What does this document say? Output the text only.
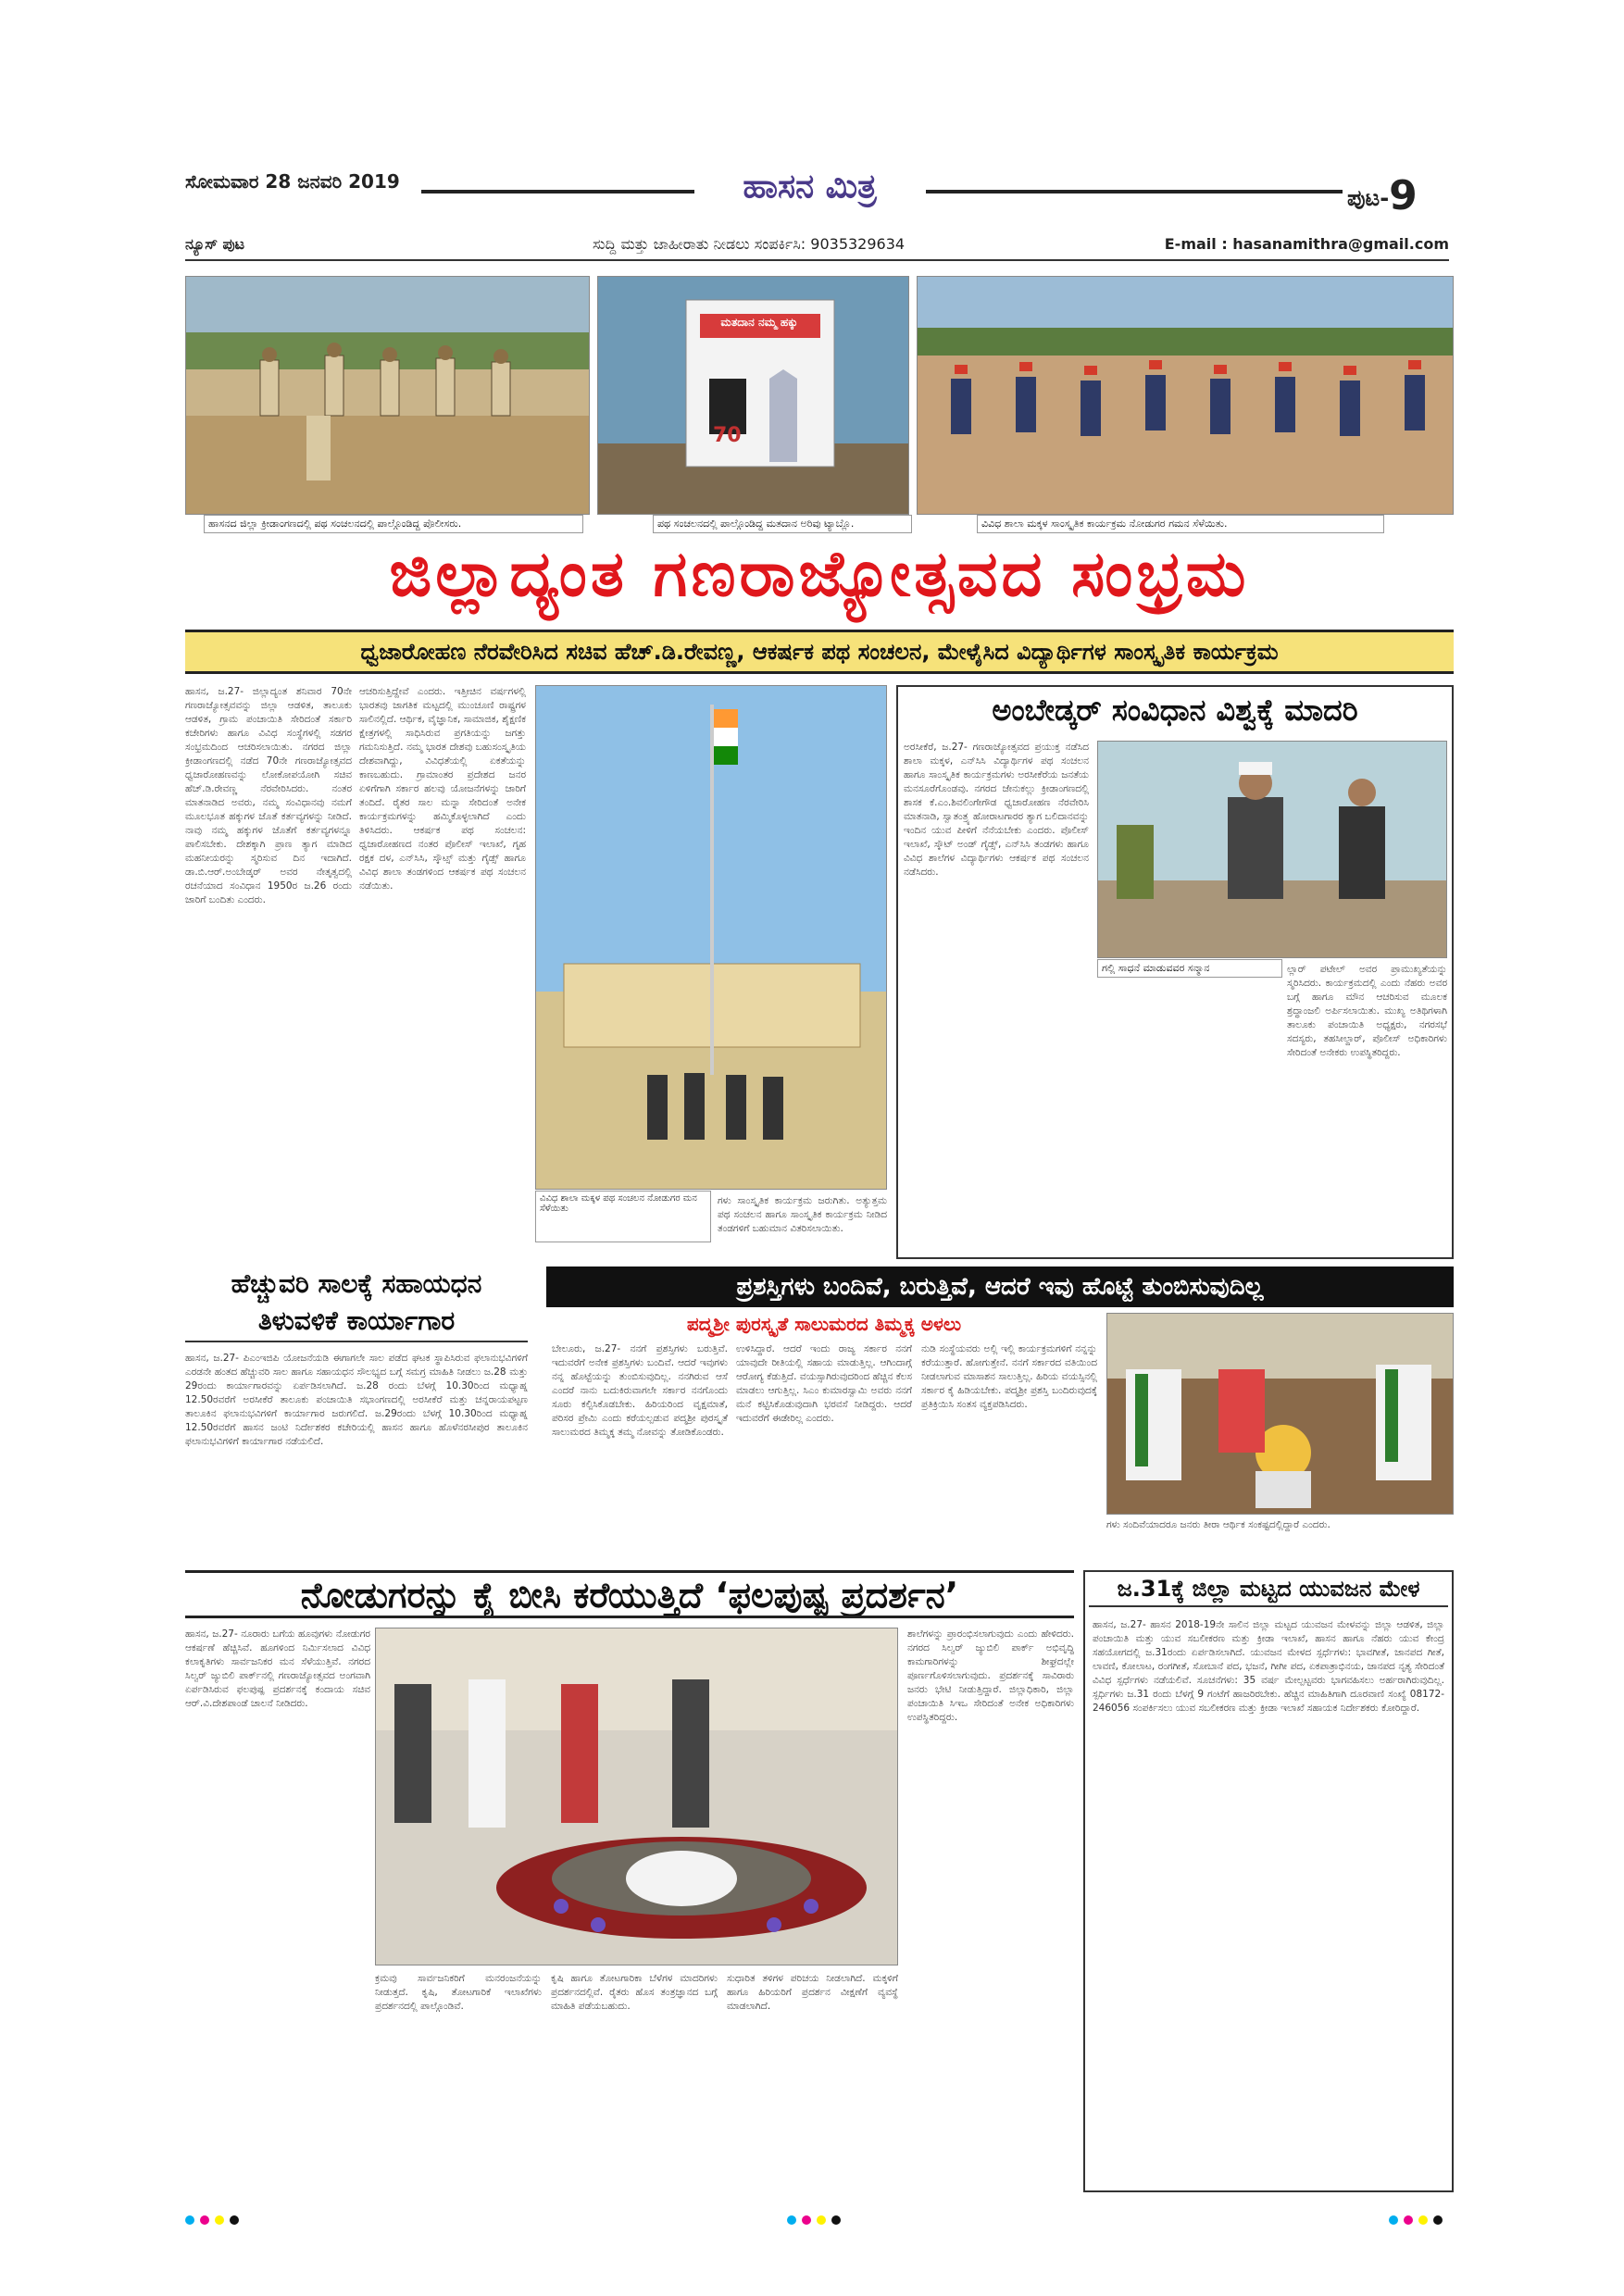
ಸೋಮವಾರ 28 ಜನವರಿ 2019	ಹಾಸನ ಮಿತ್ರ	ಪುಟ-9
ನ್ಯೂಸ್ ಪುಟ	ಸುದ್ದಿ ಮತ್ತು ಜಾಹೀರಾತು ನೀಡಲು ಸಂಪರ್ಕಿಸಿ: 9035329634	E-mail : hasanamithra@gmail.com
ಹಾಸನದ ಜಿಲ್ಲಾ ಕ್ರೀಡಾಂಗಣದಲ್ಲಿ ಪಥ ಸಂಚಲನದಲ್ಲಿ ಪಾಲ್ಗೊಂಡಿದ್ದ ಪೊಲೀಸರು.
ಮತದಾನ ನಮ್ಮ ಹಕ್ಕು
70
ಪಥ ಸಂಚಲನದಲ್ಲಿ ಪಾಲ್ಗೊಂಡಿದ್ದ ಮತದಾನ ಅರಿವು ಟ್ಯಾಬ್ಲೊ.	ವಿವಿಧ ಶಾಲಾ ಮಕ್ಕಳ ಸಾಂಸ್ಕೃತಿಕ ಕಾರ್ಯಕ್ರಮ ನೋಡುಗರ ಗಮನ ಸೆಳೆಯಿತು.
ಜಿಲ್ಲಾದ್ಯಂತ ಗಣರಾಜ್ಯೋತ್ಸವದ ಸಂಭ್ರಮ
ಧ್ವಜಾರೋಹಣ ನೆರವೇರಿಸಿದ ಸಚಿವ ಹೆಚ್.ಡಿ.ರೇವಣ್ಣ, ಆಕರ್ಷಕ ಪಥ ಸಂಚಲನ, ಮೇಳೈಸಿದ ವಿದ್ಯಾರ್ಥಿಗಳ ಸಾಂಸ್ಕೃತಿಕ ಕಾರ್ಯಕ್ರಮ
ಹಾಸನ, ಜ.27- ಜಿಲ್ಲಾದ್ಯಂತ ಶನಿವಾರ 70ನೇ ಗಣರಾಜ್ಯೋತ್ಸವವನ್ನು ಜಿಲ್ಲಾ ಆಡಳಿತ, ತಾಲೂಕು ಆಡಳಿತ, ಗ್ರಾಮ ಪಂಚಾಯಿತಿ ಸೇರಿದಂತೆ ಸರ್ಕಾರಿ ಕಚೇರಿಗಳು ಹಾಗೂ ವಿವಿಧ ಸಂಸ್ಥೆಗಳಲ್ಲಿ ಸಡಗರ ಸಂಭ್ರಮದಿಂದ ಆಚರಿಸಲಾಯಿತು. ನಗರದ ಜಿಲ್ಲಾ ಕ್ರೀಡಾಂಗಣದಲ್ಲಿ ನಡೆದ 70ನೇ ಗಣರಾಜ್ಯೋತ್ಸವದ ಧ್ವಜಾರೋಹಣವನ್ನು ಲೋಕೋಪಯೋಗಿ ಸಚಿವ ಹೆಚ್.ಡಿ.ರೇವಣ್ಣ ನೆರವೇರಿಸಿದರು. ನಂತರ ಮಾತನಾಡಿದ ಅವರು, ನಮ್ಮ ಸಂವಿಧಾನವು ನಮಗೆ ಮೂಲಭೂತ ಹಕ್ಕುಗಳ ಜೊತೆ ಕರ್ತವ್ಯಗಳನ್ನು ನೀಡಿದೆ. ನಾವು ನಮ್ಮ ಹಕ್ಕುಗಳ ಜೊತೆಗೆ ಕರ್ತವ್ಯಗಳನ್ನೂ ಪಾಲಿಸಬೇಕು. ದೇಶಕ್ಕಾಗಿ ಪ್ರಾಣ ತ್ಯಾಗ ಮಾಡಿದ ಮಹನೀಯರನ್ನು ಸ್ಮರಿಸುವ ದಿನ ಇದಾಗಿದೆ. ಡಾ.ಬಿ.ಆರ್.ಅಂಬೇಡ್ಕರ್ ಅವರ ನೇತೃತ್ವದಲ್ಲಿ ರಚನೆಯಾದ ಸಂವಿಧಾನ 1950ರ ಜ.26 ರಂದು ಜಾರಿಗೆ ಬಂದಿತು ಎಂದರು.
ಆಚರಿಸುತ್ತಿದ್ದೇವೆ ಎಂದರು. ಇತ್ತೀಚಿನ ವರ್ಷಗಳಲ್ಲಿ ಭಾರತವು ಜಾಗತಿಕ ಮಟ್ಟದಲ್ಲಿ ಮುಂಚೂಣಿ ರಾಷ್ಟ್ರಗಳ ಸಾಲಿನಲ್ಲಿದೆ. ಆರ್ಥಿಕ, ವೈಜ್ಞಾನಿಕ, ಸಾಮಾಜಿಕ, ಶೈಕ್ಷಣಿಕ ಕ್ಷೇತ್ರಗಳಲ್ಲಿ ಸಾಧಿಸಿರುವ ಪ್ರಗತಿಯನ್ನು ಜಗತ್ತು ಗಮನಿಸುತ್ತಿದೆ. ನಮ್ಮ ಭಾರತ ದೇಶವು ಬಹುಸಂಸ್ಕೃತಿಯ ದೇಶವಾಗಿದ್ದು, ವಿವಿಧತೆಯಲ್ಲಿ ಏಕತೆಯನ್ನು ಕಾಣಬಹುದು. ಗ್ರಾಮಾಂತರ ಪ್ರದೇಶದ ಜನರ ಏಳಿಗೆಗಾಗಿ ಸರ್ಕಾರ ಹಲವು ಯೋಜನೆಗಳನ್ನು ಜಾರಿಗೆ ತಂದಿದೆ. ರೈತರ ಸಾಲ ಮನ್ನಾ ಸೇರಿದಂತೆ ಅನೇಕ ಕಾರ್ಯಕ್ರಮಗಳನ್ನು ಹಮ್ಮಿಕೊಳ್ಳಲಾಗಿದೆ ಎಂದು ತಿಳಿಸಿದರು. ಆಕರ್ಷಕ ಪಥ ಸಂಚಲನ: ಧ್ವಜಾರೋಹಣದ ನಂತರ ಪೊಲೀಸ್ ಇಲಾಖೆ, ಗೃಹ ರಕ್ಷಕ ದಳ, ಎನ್‌ಸಿಸಿ, ಸ್ಕೌಟ್ಸ್ ಮತ್ತು ಗೈಡ್ಸ್ ಹಾಗೂ ವಿವಿಧ ಶಾಲಾ ತಂಡಗಳಿಂದ ಆಕರ್ಷಕ ಪಥ ಸಂಚಲನ ನಡೆಯಿತು.
ವಿವಿಧ ಶಾಲಾ ಮಕ್ಕಳ ಪಥ ಸಂಚಲನ ನೋಡುಗರ ಮನ ಸೆಳೆಯಿತು
ಗಳು ಸಾಂಸ್ಕೃತಿಕ ಕಾರ್ಯಕ್ರಮ ಜರುಗಿತು. ಅತ್ಯುತ್ತಮ ಪಥ ಸಂಚಲನ ಹಾಗೂ ಸಾಂಸ್ಕೃತಿಕ ಕಾರ್ಯಕ್ರಮ ನೀಡಿದ ತಂಡಗಳಿಗೆ ಬಹುಮಾನ ವಿತರಿಸಲಾಯಿತು.
ಅಂಬೇಡ್ಕರ್ ಸಂವಿಧಾನ ವಿಶ್ವಕ್ಕೆ ಮಾದರಿ
ಅರಸೀಕೆರೆ, ಜ.27- ಗಣರಾಜ್ಯೋತ್ಸವದ ಪ್ರಯುಕ್ತ ನಡೆಸಿದ ಶಾಲಾ ಮಕ್ಕಳ, ಎನ್‌ಸಿಸಿ ವಿದ್ಯಾರ್ಥಿಗಳ ಪಥ ಸಂಚಲನ ಹಾಗೂ ಸಾಂಸ್ಕೃತಿಕ ಕಾರ್ಯಕ್ರಮಗಳು ಅರಸೀಕೆರೆಯ ಜನತೆಯ ಮನಸೂರೆಗೊಂಡವು. ನಗರದ ಜೇನುಕಲ್ಲು ಕ್ರೀಡಾಂಗಣದಲ್ಲಿ ಶಾಸಕ ಕೆ.ಎಂ.ಶಿವಲಿಂಗೇಗೌಡ ಧ್ವಜಾರೋಹಣ ನೆರವೇರಿಸಿ ಮಾತನಾಡಿ, ಸ್ವಾತಂತ್ರ್ಯ ಹೋರಾಟಗಾರರ ತ್ಯಾಗ ಬಲಿದಾನವನ್ನು ಇಂದಿನ ಯುವ ಪೀಳಿಗೆ ನೆನೆಯಬೇಕು ಎಂದರು. ಪೊಲೀಸ್ ಇಲಾಖೆ, ಸ್ಕೌಟ್ ಅಂಡ್ ಗೈಡ್ಸ್, ಎನ್‌ಸಿಸಿ ತಂಡಗಳು ಹಾಗೂ ವಿವಿಧ ಶಾಲೆಗಳ ವಿದ್ಯಾರ್ಥಿಗಳು ಆಕರ್ಷಕ ಪಥ ಸಂಚಲನ ನಡೆಸಿದರು.
ಗಲ್ಲಿ ಸಾಧನೆ ಮಾಡುವವರ ಸನ್ಮಾನ	ಲ್ಲಾರ್ ಪಟೇಲ್ ಅವರ ಪ್ರಾಮುಖ್ಯತೆಯನ್ನು ಸ್ಮರಿಸಿದರು. ಕಾರ್ಯಕ್ರಮದಲ್ಲಿ ಎಂದು ನೆಹರು ಅವರ ಬಗ್ಗೆ ಹಾಗೂ ಮೌನ ಆಚರಿಸುವ ಮೂಲಕ ಶ್ರದ್ಧಾಂಜಲಿ ಅರ್ಪಿಸಲಾಯಿತು. ಮುಖ್ಯ ಅತಿಥಿಗಳಾಗಿ ತಾಲೂಕು ಪಂಚಾಯಿತಿ ಅಧ್ಯಕ್ಷರು, ನಗರಸಭೆ ಸದಸ್ಯರು, ತಹಸೀಲ್ದಾರ್, ಪೊಲೀಸ್ ಅಧಿಕಾರಿಗಳು ಸೇರಿದಂತೆ ಅನೇಕರು ಉಪಸ್ಥಿತರಿದ್ದರು.
ಹೆಚ್ಚುವರಿ ಸಾಲಕ್ಕೆ ಸಹಾಯಧನ
ತಿಳುವಳಿಕೆ ಕಾರ್ಯಾಗಾರ
ಹಾಸನ, ಜ.27- ಪಿಎಂಇಜಿಪಿ ಯೋಜನೆಯಡಿ ಈಗಾಗಲೇ ಸಾಲ ಪಡೆದ ಘಟಕ ಸ್ಥಾಪಿಸಿರುವ ಫಲಾನುಭವಿಗಳಿಗೆ ಎರಡನೇ ಹಂತದ ಹೆಚ್ಚುವರಿ ಸಾಲ ಹಾಗೂ ಸಹಾಯಧನ ಸೌಲಭ್ಯದ ಬಗ್ಗೆ ಸಮಗ್ರ ಮಾಹಿತಿ ನೀಡಲು ಜ.28 ಮತ್ತು 29ರಂದು ಕಾರ್ಯಾಗಾರವನ್ನು ಏರ್ಪಡಿಸಲಾಗಿದೆ. ಜ.28 ರಂದು ಬೆಳಗ್ಗೆ 10.30ರಿಂದ ಮಧ್ಯಾಹ್ನ 12.50ರವರೆಗೆ ಅರಸೀಕೆರೆ ತಾಲೂಕು ಪಂಚಾಯಿತಿ ಸಭಾಂಗಣದಲ್ಲಿ ಅರಸೀಕೆರೆ ಮತ್ತು ಚನ್ನರಾಯಪಟ್ಟಣ ತಾಲೂಕಿನ ಫಲಾನುಭವಿಗಳಿಗೆ ಕಾರ್ಯಾಗಾರ ಜರುಗಲಿದೆ. ಜ.29ರಂದು ಬೆಳಗ್ಗೆ 10.30ರಿಂದ ಮಧ್ಯಾಹ್ನ 12.50ರವರೆಗೆ ಹಾಸನ ಜಂಟಿ ನಿರ್ದೇಶಕರ ಕಚೇರಿಯಲ್ಲಿ ಹಾಸನ ಹಾಗೂ ಹೊಳೆನರಸೀಪುರ ತಾಲೂಕಿನ ಫಲಾನುಭವಿಗಳಿಗೆ ಕಾರ್ಯಾಗಾರ ನಡೆಯಲಿದೆ.
ಪ್ರಶಸ್ತಿಗಳು ಬಂದಿವೆ, ಬರುತ್ತಿವೆ, ಆದರೆ ಇವು ಹೊಟ್ಟೆ ತುಂಬಿಸುವುದಿಲ್ಲ
ಪದ್ಮಶ್ರೀ ಪುರಸ್ಕೃತೆ ಸಾಲುಮರದ ತಿಮ್ಮಕ್ಕ ಅಳಲು
ಬೇಲೂರು, ಜ.27- ನನಗೆ ಪ್ರಶಸ್ತಿಗಳು ಬರುತ್ತಿವೆ. ಇದುವರೆಗೆ ಅನೇಕ ಪ್ರಶಸ್ತಿಗಳು ಬಂದಿವೆ. ಆದರೆ ಇವುಗಳು ನನ್ನ ಹೊಟ್ಟೆಯನ್ನು ತುಂಬಿಸುವುದಿಲ್ಲ. ನನಗಿರುವ ಆಸೆ ಎಂದರೆ ನಾನು ಬದುಕಿರುವಾಗಲೇ ಸರ್ಕಾರ ನನಗೊಂದು ಸೂರು ಕಲ್ಪಿಸಿಕೊಡಬೇಕು. ಹಿರಿಯರಿಂದ ವೃಕ್ಷಮಾತೆ, ಪರಿಸರ ಪ್ರೇಮಿ ಎಂದು ಕರೆಯಲ್ಪಡುವ ಪದ್ಮಶ್ರೀ ಪುರಸ್ಕೃತೆ ಸಾಲುಮರದ ತಿಮ್ಮಕ್ಕ ತಮ್ಮ ನೋವನ್ನು ತೋಡಿಕೊಂಡರು.
ಉಳಿಸಿದ್ದಾರೆ. ಆದರೆ ಇಂದು ರಾಜ್ಯ ಸರ್ಕಾರ ನನಗೆ ಯಾವುದೇ ರೀತಿಯಲ್ಲಿ ಸಹಾಯ ಮಾಡುತ್ತಿಲ್ಲ. ಆಗಿಂದಾಗ್ಗೆ ಆರೋಗ್ಯ ಕೆಡುತ್ತಿದೆ. ವಯಸ್ಸಾಗಿರುವುದರಿಂದ ಹೆಚ್ಚಿನ ಕೆಲಸ ಮಾಡಲು ಆಗುತ್ತಿಲ್ಲ. ಸಿಎಂ ಕುಮಾರಸ್ವಾಮಿ ಅವರು ನನಗೆ ಮನೆ ಕಟ್ಟಿಸಿಕೊಡುವುದಾಗಿ ಭರವಸೆ ನೀಡಿದ್ದರು. ಆದರೆ ಇದುವರೆಗೆ ಈಡೇರಿಲ್ಲ ಎಂದರು.
ನುಡಿ ಸಂಸ್ಥೆಯವರು ಅಲ್ಲಿ ಇಲ್ಲಿ ಕಾರ್ಯಕ್ರಮಗಳಿಗೆ ನನ್ನನ್ನು ಕರೆಯುತ್ತಾರೆ. ಹೋಗುತ್ತೇನೆ. ನನಗೆ ಸರ್ಕಾರದ ವತಿಯಿಂದ ನೀಡಲಾಗುವ ಮಾಸಾಶನ ಸಾಲುತ್ತಿಲ್ಲ. ಹಿರಿಯ ವಯಸ್ಸಿನಲ್ಲಿ ಸರ್ಕಾರ ಕೈ ಹಿಡಿಯಬೇಕು. ಪದ್ಮಶ್ರೀ ಪ್ರಶಸ್ತಿ ಬಂದಿರುವುದಕ್ಕೆ ಪ್ರತಿಕ್ರಿಯಿಸಿ ಸಂತಸ ವ್ಯಕ್ತಪಡಿಸಿದರು.
ಗಳು ಸಂದಿವೆಯಾದರೂ ಜನರು ತೀರಾ ಆರ್ಥಿಕ ಸಂಕಷ್ಟದಲ್ಲಿದ್ದಾರೆ ಎಂದರು.
ನೋಡುಗರನ್ನು ಕೈ ಬೀಸಿ ಕರೆಯುತ್ತಿದೆ ‘ಫಲಪುಷ್ಪ ಪ್ರದರ್ಶನ’
ಹಾಸನ, ಜ.27- ನೂರಾರು ಬಗೆಯ ಹೂವುಗಳು ನೋಡುಗರ ಆಕರ್ಷಣೆ ಹೆಚ್ಚಿಸಿವೆ. ಹೂಗಳಿಂದ ನಿರ್ಮಿಸಲಾದ ವಿವಿಧ ಕಲಾಕೃತಿಗಳು ಸಾರ್ವಜನಿಕರ ಮನ ಸೆಳೆಯುತ್ತಿವೆ. ನಗರದ ಸಿಲ್ವರ್ ಜ್ಯುಬಿಲಿ ಪಾರ್ಕ್‌ನಲ್ಲಿ ಗಣರಾಜ್ಯೋತ್ಸವದ ಅಂಗವಾಗಿ ಏರ್ಪಡಿಸಿರುವ ಫಲಪುಷ್ಪ ಪ್ರದರ್ಶನಕ್ಕೆ ಕಂದಾಯ ಸಚಿವ ಆರ್.ವಿ.ದೇಶಪಾಂಡೆ ಚಾಲನೆ ನೀಡಿದರು.
ಕ್ರಮವು ಸಾರ್ವಜನಿಕರಿಗೆ ಮನರಂಜನೆಯನ್ನು ನೀಡುತ್ತದೆ. ಕೃಷಿ, ತೋಟಗಾರಿಕೆ ಇಲಾಖೆಗಳು ಪ್ರದರ್ಶನದಲ್ಲಿ ಪಾಲ್ಗೊಂಡಿವೆ.
ಕೃಷಿ ಹಾಗೂ ತೋಟಗಾರಿಕಾ ಬೆಳೆಗಳ ಮಾದರಿಗಳು ಪ್ರದರ್ಶನದಲ್ಲಿವೆ. ರೈತರು ಹೊಸ ತಂತ್ರಜ್ಞಾನದ ಬಗ್ಗೆ ಮಾಹಿತಿ ಪಡೆಯಬಹುದು.
ಸುಧಾರಿತ ತಳಿಗಳ ಪರಿಚಯ ನೀಡಲಾಗಿದೆ. ಮಕ್ಕಳಿಗೆ ಹಾಗೂ ಹಿರಿಯರಿಗೆ ಪ್ರದರ್ಶನ ವೀಕ್ಷಣೆಗೆ ವ್ಯವಸ್ಥೆ ಮಾಡಲಾಗಿದೆ.
ಶಾಲೆಗಳನ್ನು ಪ್ರಾರಂಭಿಸಲಾಗುವುದು ಎಂದು ಹೇಳಿದರು. ನಗರದ ಸಿಲ್ವರ್ ಜ್ಯುಬಿಲಿ ಪಾರ್ಕ್ ಅಭಿವೃದ್ಧಿ ಕಾಮಗಾರಿಗಳನ್ನು ಶೀಘ್ರದಲ್ಲೇ ಪೂರ್ಣಗೊಳಿಸಲಾಗುವುದು. ಪ್ರದರ್ಶನಕ್ಕೆ ಸಾವಿರಾರು ಜನರು ಭೇಟಿ ನೀಡುತ್ತಿದ್ದಾರೆ. ಜಿಲ್ಲಾಧಿಕಾರಿ, ಜಿಲ್ಲಾ ಪಂಚಾಯಿತಿ ಸಿಇಒ ಸೇರಿದಂತೆ ಅನೇಕ ಅಧಿಕಾರಿಗಳು ಉಪಸ್ಥಿತರಿದ್ದರು.
ಜ.31ಕ್ಕೆ ಜಿಲ್ಲಾ ಮಟ್ಟದ ಯುವಜನ ಮೇಳ
ಹಾಸನ, ಜ.27- ಹಾಸನ 2018-19ನೇ ಸಾಲಿನ ಜಿಲ್ಲಾ ಮಟ್ಟದ ಯುವಜನ ಮೇಳವನ್ನು ಜಿಲ್ಲಾ ಆಡಳಿತ, ಜಿಲ್ಲಾ ಪಂಚಾಯಿತಿ ಮತ್ತು ಯುವ ಸಬಲೀಕರಣ ಮತ್ತು ಕ್ರೀಡಾ ಇಲಾಖೆ, ಹಾಸನ ಹಾಗೂ ನೆಹರು ಯುವ ಕೇಂದ್ರ ಸಹಯೋಗದಲ್ಲಿ ಜ.31ರಂದು ಏರ್ಪಡಿಸಲಾಗಿದೆ. ಯುವಜನ ಮೇಳದ ಸ್ಪರ್ಧೆಗಳು: ಭಾವಗೀತೆ, ಜಾನಪದ ಗೀತೆ, ಲಾವಣಿ, ಕೋಲಾಟ, ರಂಗಗೀತೆ, ಸೋಬಾನೆ ಪದ, ಭಜನೆ, ಗೀಗೀ ಪದ, ಏಕಪಾತ್ರಾಭಿನಯ, ಜಾನಪದ ನೃತ್ಯ ಸೇರಿದಂತೆ ವಿವಿಧ ಸ್ಪರ್ಧೆಗಳು ನಡೆಯಲಿವೆ. ಸೂಚನೆಗಳು: 35 ವರ್ಷ ಮೇಲ್ಪಟ್ಟವರು ಭಾಗವಹಿಸಲು ಅರ್ಹರಾಗಿರುವುದಿಲ್ಲ. ಸ್ಪರ್ಧಿಗಳು ಜ.31 ರಂದು ಬೆಳಗ್ಗೆ 9 ಗಂಟೆಗೆ ಹಾಜರಿರಬೇಕು. ಹೆಚ್ಚಿನ ಮಾಹಿತಿಗಾಗಿ ದೂರವಾಣಿ ಸಂಖ್ಯೆ 08172-246056 ಸಂಪರ್ಕಿಸಲು ಯುವ ಸಬಲೀಕರಣ ಮತ್ತು ಕ್ರೀಡಾ ಇಲಾಖೆ ಸಹಾಯಕ ನಿರ್ದೇಶಕರು ಕೋರಿದ್ದಾರೆ.
